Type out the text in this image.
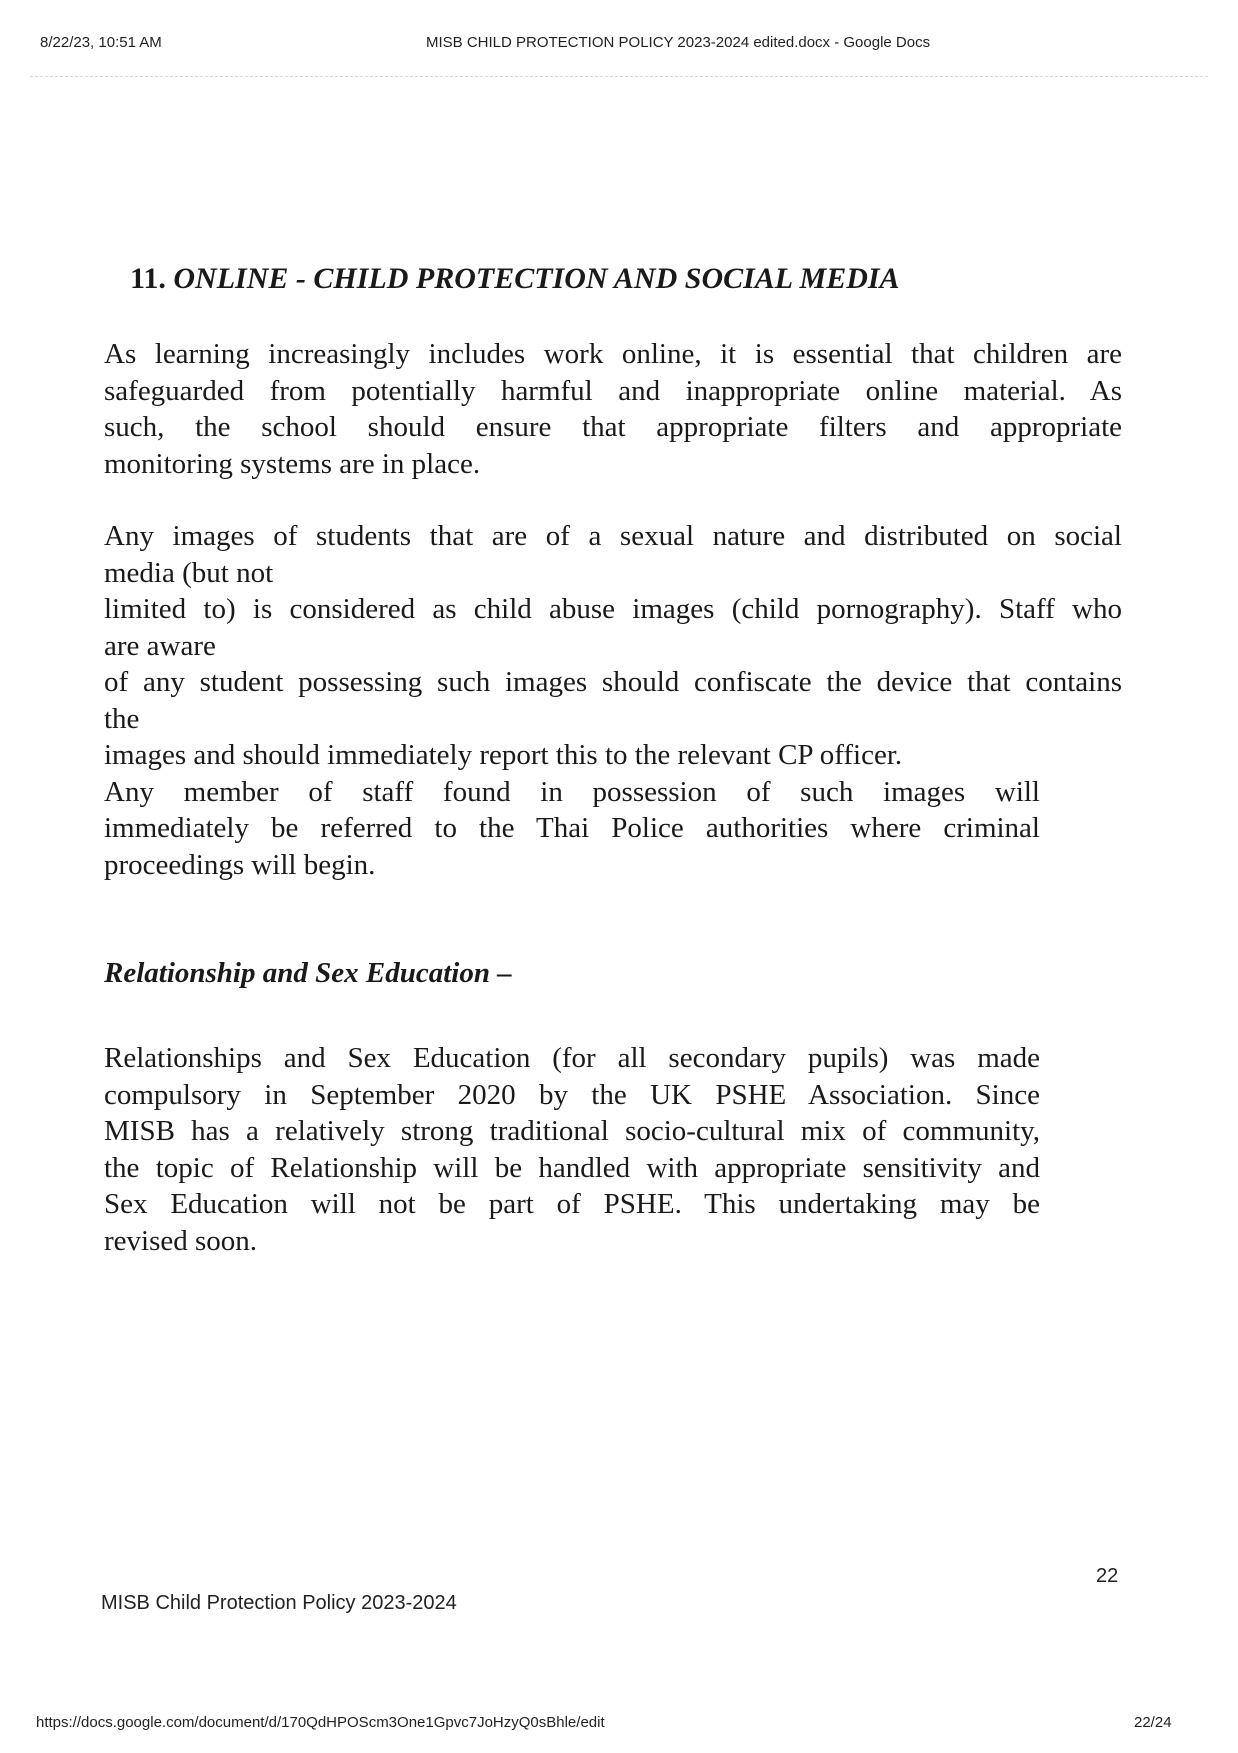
8/22/23, 10:51 AM	MISB CHILD PROTECTION POLICY 2023-2024 edited.docx - Google Docs
11. ONLINE - CHILD PROTECTION AND SOCIAL MEDIA
As learning increasingly includes work online, it is essential that children are
safeguarded from potentially harmful and inappropriate online material. As
such, the school should ensure that appropriate filters and appropriate
monitoring systems are in place.
Any images of students that are of a sexual nature and distributed on social
media (but not
limited to) is considered as child abuse images (child pornography). Staff who
are aware
of any student possessing such images should confiscate the device that contains
the
images and should immediately report this to the relevant CP officer.
Any member of staff found in possession of such images will
immediately be referred to the Thai Police authorities where criminal
proceedings will begin.
Relationship and Sex Education –
Relationships and Sex Education (for all secondary pupils) was made
compulsory in September 2020 by the UK PSHE Association. Since
MISB has a relatively strong traditional socio-cultural mix of community,
the topic of Relationship will be handled with appropriate sensitivity and
Sex Education will not be part of PSHE. This undertaking may be
revised soon.
22
MISB Child Protection Policy 2023-2024
https://docs.google.com/document/d/170QdHPOScm3One1Gpvc7JoHzyQ0sBhle/edit	22/24
